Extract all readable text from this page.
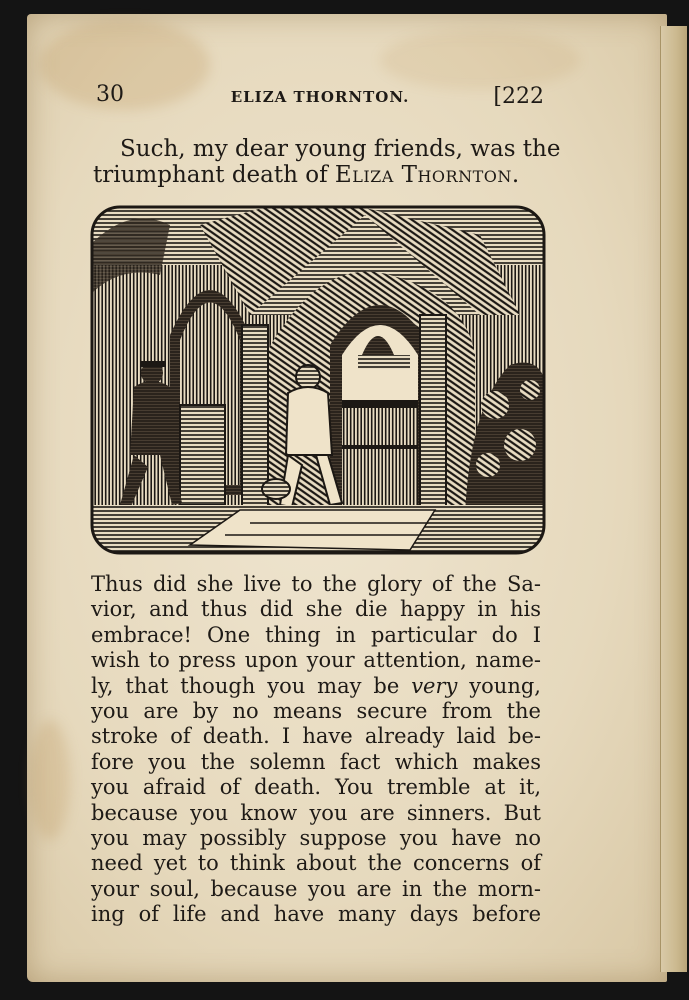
30	ELIZA THORNTON.	[222

Such, my dear young friends, was the
triumphant death of Eliza Thornton.

Thus did she live to the glory of the Sa-
vior, and thus did she die happy in his
embrace! One thing in particular do I
wish to press upon your attention, name-
ly, that though you may be very young,
you are by no means secure from the
stroke of death. I have already laid be-
fore you the solemn fact which makes
you afraid of death. You tremble at it,
because you know you are sinners. But
you may possibly suppose you have no
need yet to think about the concerns of
your soul, because you are in the morn-
ing of life and have many days before
